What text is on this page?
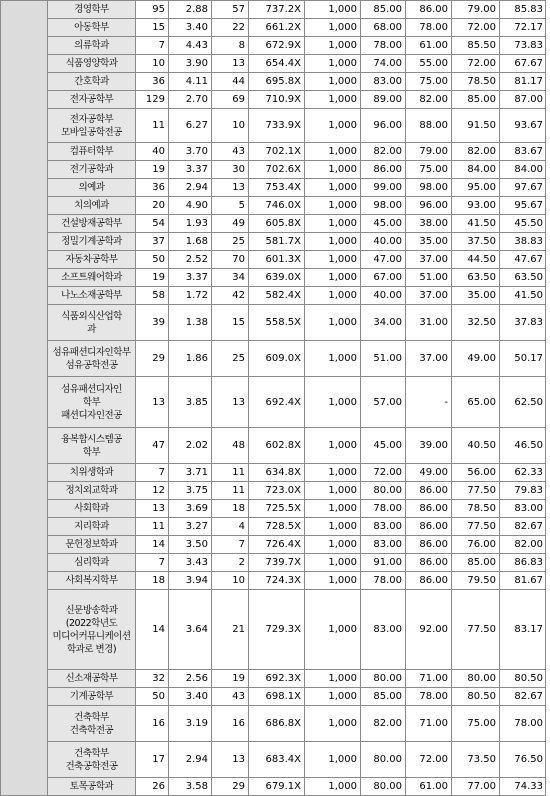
	경영학부	95	2.88	57	737.2X	1,000	85.00	86.00	79.00	85.83
	아동학부	15	3.40	22	661.2X	1,000	68.00	78.00	72.00	72.17
	의류학과	7	4.43	8	672.9X	1,000	78.00	61.00	85.50	73.83
	식품영양학과	10	3.90	13	654.4X	1,000	74.00	55.00	72.00	67.67
	간호학과	36	4.11	44	695.8X	1,000	83.00	75.00	78.50	81.17
	전자공학부	129	2.70	69	710.9X	1,000	89.00	82.00	85.00	87.00
	전자공학부
모바일공학전공	11	6.27	10	733.9X	1,000	96.00	88.00	91.50	93.67
	컴퓨터학부	40	3.70	43	702.1X	1,000	82.00	79.00	82.00	83.67
	전기공학과	19	3.37	30	702.6X	1,000	86.00	75.00	84.00	84.00
	의예과	36	2.94	13	753.4X	1,000	99.00	98.00	95.00	97.67
	치의예과	20	4.90	5	746.0X	1,000	98.00	96.00	93.00	95.67
	건설방재공학부	54	1.93	49	605.8X	1,000	45.00	38.00	41.50	45.50
	정밀기계공학과	37	1.68	25	581.7X	1,000	40.00	35.00	37.50	38.83
	자동차공학부	50	2.52	70	601.3X	1,000	47.00	37.00	44.50	47.67
	소프트웨어학과	19	3.37	34	639.0X	1,000	67.00	51.00	63.50	63.50
	나노소재공학부	58	1.72	42	582.4X	1,000	40.00	37.00	35.00	41.50
	식품외식산업학
과	39	1.38	15	558.5X	1,000	34.00	31.00	32.50	37.83
	섬유패션디자인학부
섬유공학전공	29	1.86	25	609.0X	1,000	51.00	37.00	49.00	50.17
	섬유패션디자인
학부
패션디자인전공	13	3.85	13	692.4X	1,000	57.00	-	65.00	62.50
	융복합시스템공
학부	47	2.02	48	602.8X	1,000	45.00	39.00	40.50	46.50
	치위생학과	7	3.71	11	634.8X	1,000	72.00	49.00	56.00	62.33
	정치외교학과	12	3.75	11	723.0X	1,000	80.00	86.00	77.50	79.83
	사회학과	13	3.69	18	725.5X	1,000	78.00	86.00	78.50	83.00
	지리학과	11	3.27	4	728.5X	1,000	83.00	86.00	77.50	82.67
	문헌정보학과	14	3.50	7	726.4X	1,000	83.00	86.00	76.00	82.00
	심리학과	7	3.43	2	739.7X	1,000	91.00	86.00	85.00	86.83
	사회복지학부	18	3.94	10	724.3X	1,000	78.00	86.00	79.50	81.67
	신문방송학과
(2022학년도
미디어커뮤니케이션
학과로 변경)	14	3.64	21	729.3X	1,000	83.00	92.00	77.50	83.17
	신소재공학부	32	2.56	19	692.3X	1,000	80.00	71.00	80.00	80.50
	기계공학부	50	3.40	43	698.1X	1,000	85.00	78.00	80.50	82.67
	건축학부
건축학전공	16	3.19	16	686.8X	1,000	82.00	71.00	75.00	78.00
	건축학부
건축공학전공	17	2.94	13	683.4X	1,000	80.00	72.00	73.50	76.50
	토목공학과	26	3.58	29	679.1X	1,000	80.00	61.00	77.00	74.33
